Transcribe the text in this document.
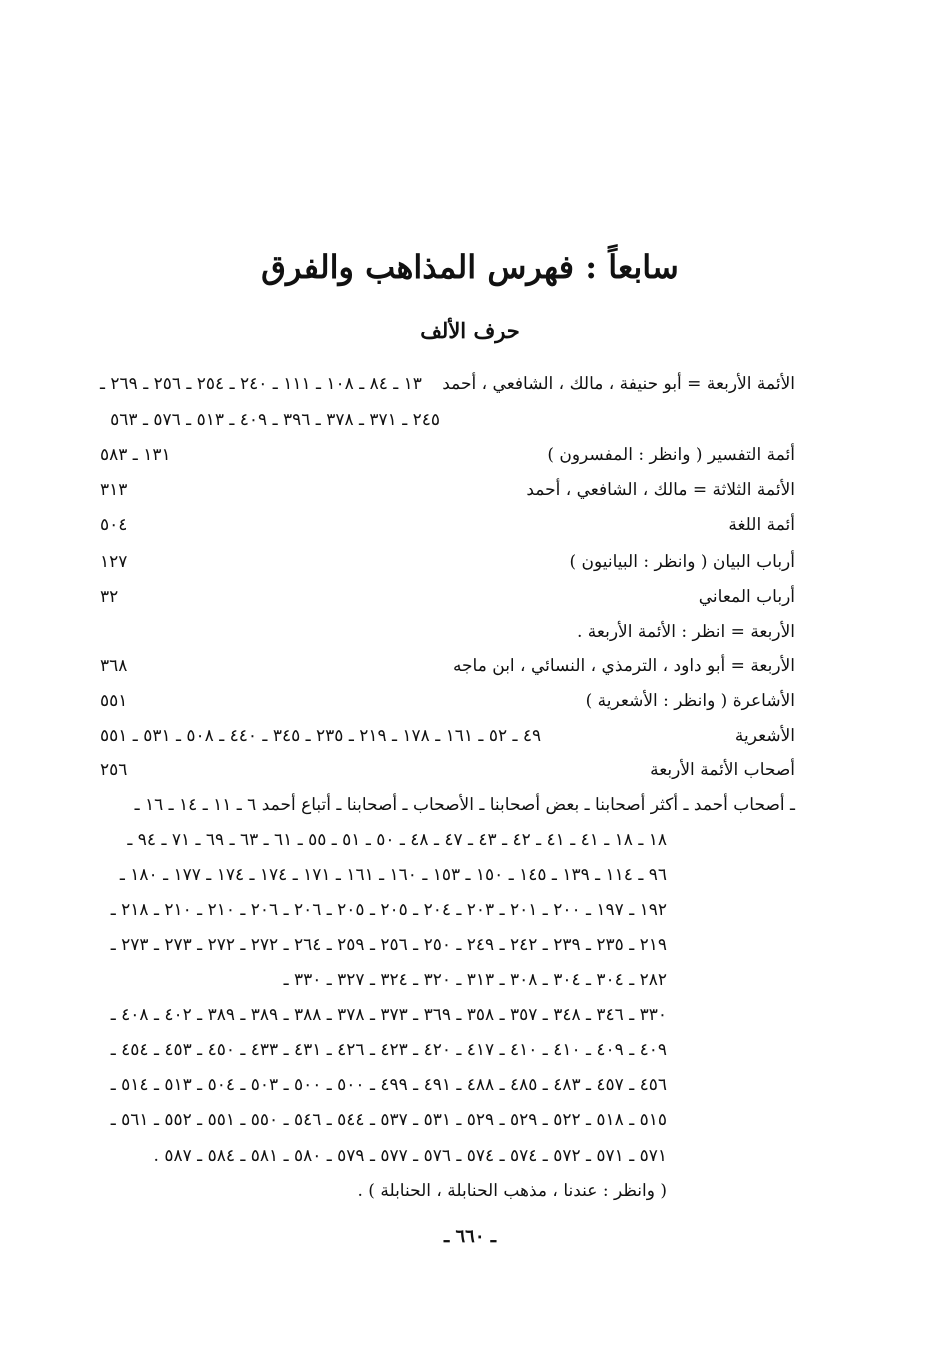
سابعاً : فهرس المذاهب والفرق
حرف الألف
الأئمة الأربعة = أبو حنيفة ، مالك ، الشافعي ، أحمد
١٣ ـ ٨٤ ـ ١٠٨ ـ ١١١ ـ ٢٤٠ ـ ٢٥٤ ـ ٢٥٦ ـ ٢٦٩ ـ
٢٤٥ ـ ٣٧١ ـ ٣٧٨ ـ ٣٩٦ ـ ٤٠٩ ـ ٥١٣ ـ ٥٧٦ ـ ٥٦٣
أئمة التفسير ( وانظر : المفسرون )
١٣١ ـ ٥٨٣
الأئمة الثلاثة = مالك ، الشافعي ، أحمد
٣١٣
أئمة اللغة
٥٠٤
أرباب البيان ( وانظر : البيانيون )
١٢٧
أرباب المعاني
٣٢
الأربعة = انظر : الأئمة الأربعة .
الأربعة = أبو داود ، الترمذي ، النسائي ، ابن ماجه
٣٦٨
الأشاعرة ( وانظر : الأشعرية )
٥٥١
الأشعرية
٤٩ ـ ٥٢ ـ ١٦١ ـ ١٧٨ ـ ٢١٩ ـ ٢٣٥ ـ ٣٤٥ ـ ٤٤٠ ـ ٥٠٨ ـ ٥٣١ ـ ٥٥١
أصحاب الأئمة الأربعة
٢٥٦
ـ أصحاب أحمد ـ أكثر أصحابنا ـ بعض أصحابنا ـ الأصحاب ـ أصحابنا ـ أتباع أحمد ٦ ـ ١١ ـ ١٤ ـ ١٦ ـ
١٨ ـ ١٨ ـ ٤١ ـ ٤١ ـ ٤٢ ـ ٤٣ ـ ٤٧ ـ ٤٨ ـ ٥٠ ـ ٥١ ـ ٥٥ ـ ٦١ ـ ٦٣ ـ ٦٩ ـ ٧١ ـ ٩٤ ـ
٩٦ ـ ١١٤ ـ ١٣٩ ـ ١٤٥ ـ ١٥٠ ـ ١٥٣ ـ ١٦٠ ـ ١٦١ ـ ١٧١ ـ ١٧٤ ـ ١٧٤ ـ ١٧٧ ـ ١٨٠ ـ
١٩٢ ـ ١٩٧ ـ ٢٠٠ ـ ٢٠١ ـ ٢٠٣ ـ ٢٠٤ ـ ٢٠٥ ـ ٢٠٥ ـ ٢٠٦ ـ ٢٠٦ ـ ٢١٠ ـ ٢١٠ ـ ٢١٨ ـ
٢١٩ ـ ٢٣٥ ـ ٢٣٩ ـ ٢٤٢ ـ ٢٤٩ ـ ٢٥٠ ـ ٢٥٦ ـ ٢٥٩ ـ ٢٦٤ ـ ٢٧٢ ـ ٢٧٢ ـ ٢٧٣ ـ ٢٧٣ ـ
٢٨٢ ـ ٣٠٤ ـ ٣٠٤ ـ ٣٠٨ ـ ٣١٣ ـ ٣٢٠ ـ ٣٢٤ ـ ٣٢٧ ـ ٣٣٠ ـ
٣٣٠ ـ ٣٤٦ ـ ٣٤٨ ـ ٣٥٧ ـ ٣٥٨ ـ ٣٦٩ ـ ٣٧٣ ـ ٣٧٨ ـ ٣٨٨ ـ ٣٨٩ ـ ٣٨٩ ـ ٤٠٢ ـ ٤٠٨ ـ
٤٠٩ ـ ٤٠٩ ـ ٤١٠ ـ ٤١٠ ـ ٤١٧ ـ ٤٢٠ ـ ٤٢٣ ـ ٤٢٦ ـ ٤٣١ ـ ٤٣٣ ـ ٤٥٠ ـ ٤٥٣ ـ ٤٥٤ ـ
٤٥٦ ـ ٤٥٧ ـ ٤٨٣ ـ ٤٨٥ ـ ٤٨٨ ـ ٤٩١ ـ ٤٩٩ ـ ٥٠٠ ـ ٥٠٠ ـ ٥٠٣ ـ ٥٠٤ ـ ٥١٣ ـ ٥١٤ ـ
٥١٥ ـ ٥١٨ ـ ٥٢٢ ـ ٥٢٩ ـ ٥٢٩ ـ ٥٣١ ـ ٥٣٧ ـ ٥٤٤ ـ ٥٤٦ ـ ٥٥٠ ـ ٥٥١ ـ ٥٥٢ ـ ٥٦١ ـ
٥٧١ ـ ٥٧١ ـ ٥٧٢ ـ ٥٧٤ ـ ٥٧٤ ـ ٥٧٦ ـ ٥٧٧ ـ ٥٧٩ ـ ٥٨٠ ـ ٥٨١ ـ ٥٨٤ ـ ٥٨٧ .
( وانظر : عندنا ، مذهب الحنابلة ، الحنابلة ) .
ـ ٦٦٠ ـ
